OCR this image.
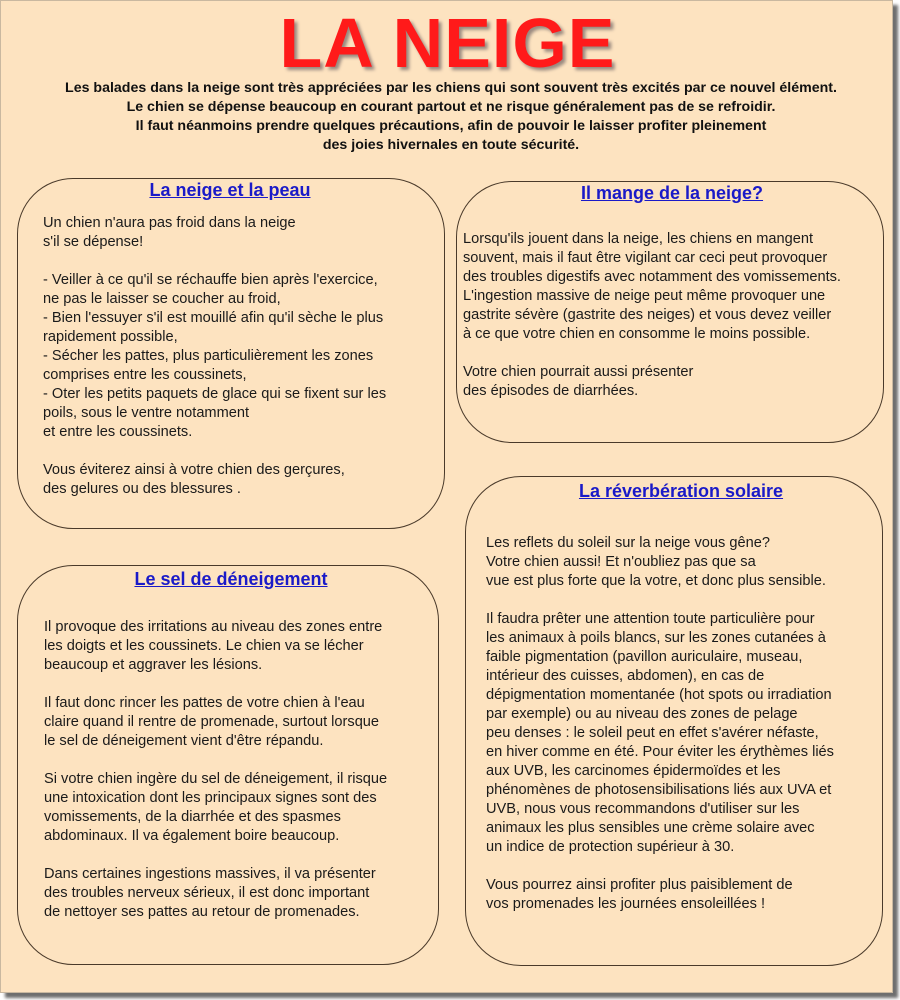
LA NEIGE
Les balades dans la neige sont très appréciées par les chiens qui sont souvent très excités par ce nouvel élément.
Le chien se dépense beaucoup en courant partout et ne risque généralement pas de se refroidir.
Il faut néanmoins prendre quelques précautions, afin de pouvoir le laisser profiter pleinement
des joies hivernales en toute sécurité.
La neige et la peau
Un chien n'aura pas froid dans la neige
s'il se dépense!
- Veiller à ce qu'il se réchauffe bien après l'exercice,
ne pas le laisser se coucher au froid,
- Bien l'essuyer s'il est mouillé afin qu'il sèche le plus
rapidement possible,
- Sécher les pattes, plus particulièrement les zones
comprises entre les coussinets,
- Oter les petits paquets de glace qui se fixent sur les
poils, sous le ventre notamment
et entre les coussinets.
Vous éviterez ainsi à votre chien des gerçures,
des gelures ou des blessures .
Il mange de la neige?
Lorsqu'ils jouent dans la neige, les chiens en mangent
souvent, mais il faut être vigilant car ceci peut provoquer
des troubles digestifs avec notamment des vomissements.
L'ingestion massive de neige peut même provoquer une
gastrite sévère (gastrite des neiges) et vous devez veiller
à ce que votre chien en consomme le moins possible.
Votre chien pourrait aussi présenter
des épisodes de diarrhées.
Le sel de déneigement
Il provoque des irritations au niveau des zones entre
les doigts et les coussinets. Le chien va se lécher
beaucoup et aggraver les lésions.
Il faut donc rincer les pattes de votre chien à l'eau
claire quand il rentre de promenade, surtout lorsque
le sel de déneigement vient d'être répandu.
Si votre chien ingère du sel de déneigement, il risque
une intoxication dont les principaux signes sont des
vomissements, de la diarrhée et des spasmes
abdominaux. Il va également boire beaucoup.
Dans certaines ingestions massives, il va présenter
des troubles nerveux sérieux, il est donc important
de nettoyer ses pattes au retour de promenades.
La réverbération solaire
Les reflets du soleil sur la neige vous gêne?
Votre chien aussi! Et n'oubliez pas que sa
vue est plus forte que la votre, et donc plus sensible.
Il faudra prêter une attention toute particulière pour
les animaux à poils blancs, sur les zones cutanées à
faible pigmentation (pavillon auriculaire, museau,
intérieur des cuisses, abdomen), en cas de
dépigmentation momentanée (hot spots ou irradiation
par exemple) ou au niveau des zones de pelage
peu denses : le soleil peut en effet s'avérer néfaste,
en hiver comme en été. Pour éviter les érythèmes liés
aux UVB, les carcinomes épidermoïdes et les
phénomènes de photosensibilisations liés aux UVA et
UVB, nous vous recommandons d'utiliser sur les
animaux les plus sensibles une crème solaire avec
un indice de protection supérieur à 30.
Vous pourrez ainsi profiter plus paisiblement de
vos promenades les journées ensoleillées !
